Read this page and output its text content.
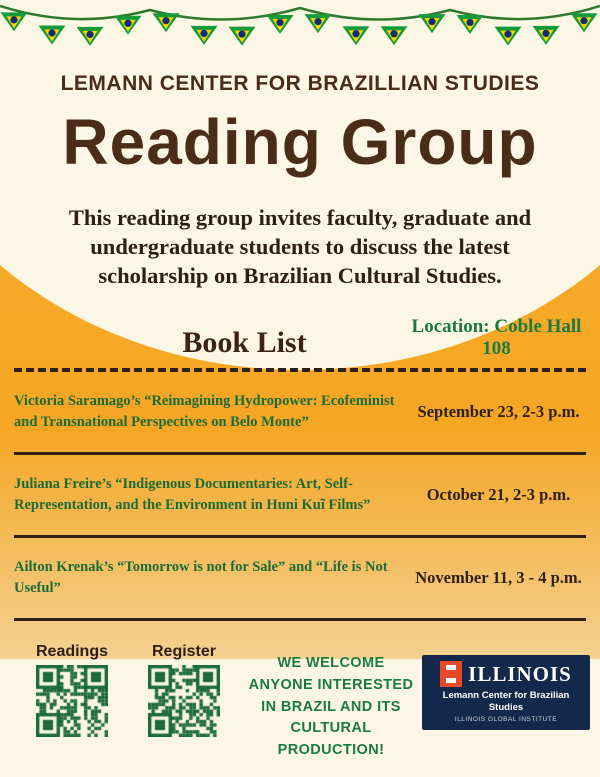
LEMANN CENTER FOR BRAZILLIAN STUDIES
Reading Group
This reading group invites faculty, graduate and undergraduate students to discuss the latest scholarship on Brazilian Cultural Studies.
Book List	Location: Coble Hall 108
Victoria Saramago’s “Reimagining Hydropower: Ecofeminist and Transnational Perspectives on Belo Monte”
September 23, 2-3 p.m.
Juliana Freire’s “Indigenous Documentaries: Art, Self-Representation, and the Environment in Huni Kuĩ Films”
October 21, 2-3 p.m.
Ailton Krenak’s “Tomorrow is not for Sale” and “Life is Not Useful”
November 11, 3 - 4 p.m.
Readings	Register
WE WELCOME ANYONE INTERESTED IN BRAZIL AND ITS CULTURAL PRODUCTION!
ILLINOIS
Lemann Center for Brazilian Studies
ILLINOIS GLOBAL INSTITUTE
